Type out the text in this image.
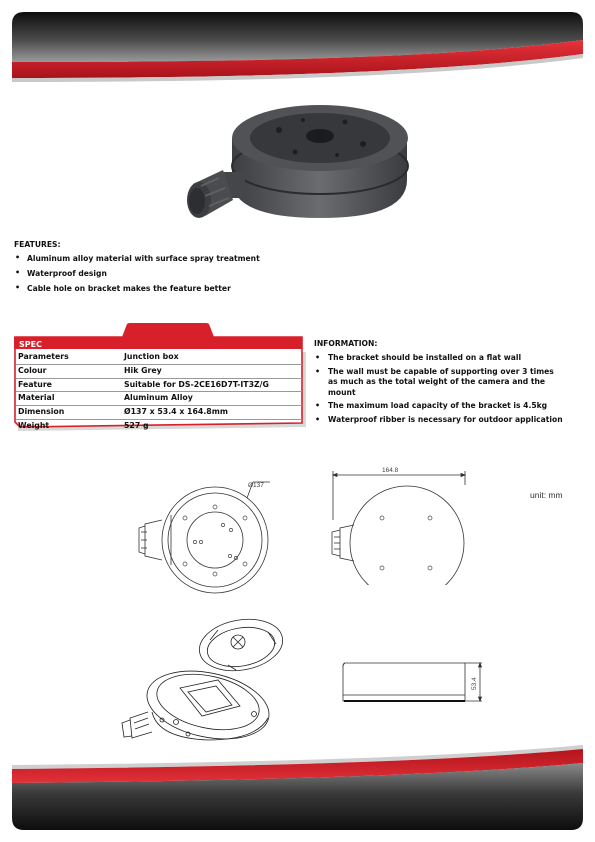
FEATURES:
• Aluminum alloy material with surface spray treatment
• Waterproof design
• Cable hole on bracket makes the feature better
SPEC
Parameters	Junction box
Colour	Hik Grey
Feature	Suitable for DS-2CE16D7T-IT3Z/G
Material	Aluminum Alloy
Dimension	Ø137 x 53.4 x 164.8mm
Weight	527 g
INFORMATION:
• The bracket should be installed on a flat wall
• The wall must be capable of supporting over 3 times as much as the total weight of the camera and the mount
• The maximum load capacity of the bracket is 4.5kg
• Waterproof ribber is necessary for outdoor application
Ø137
164.8
unit: mm
53.4
